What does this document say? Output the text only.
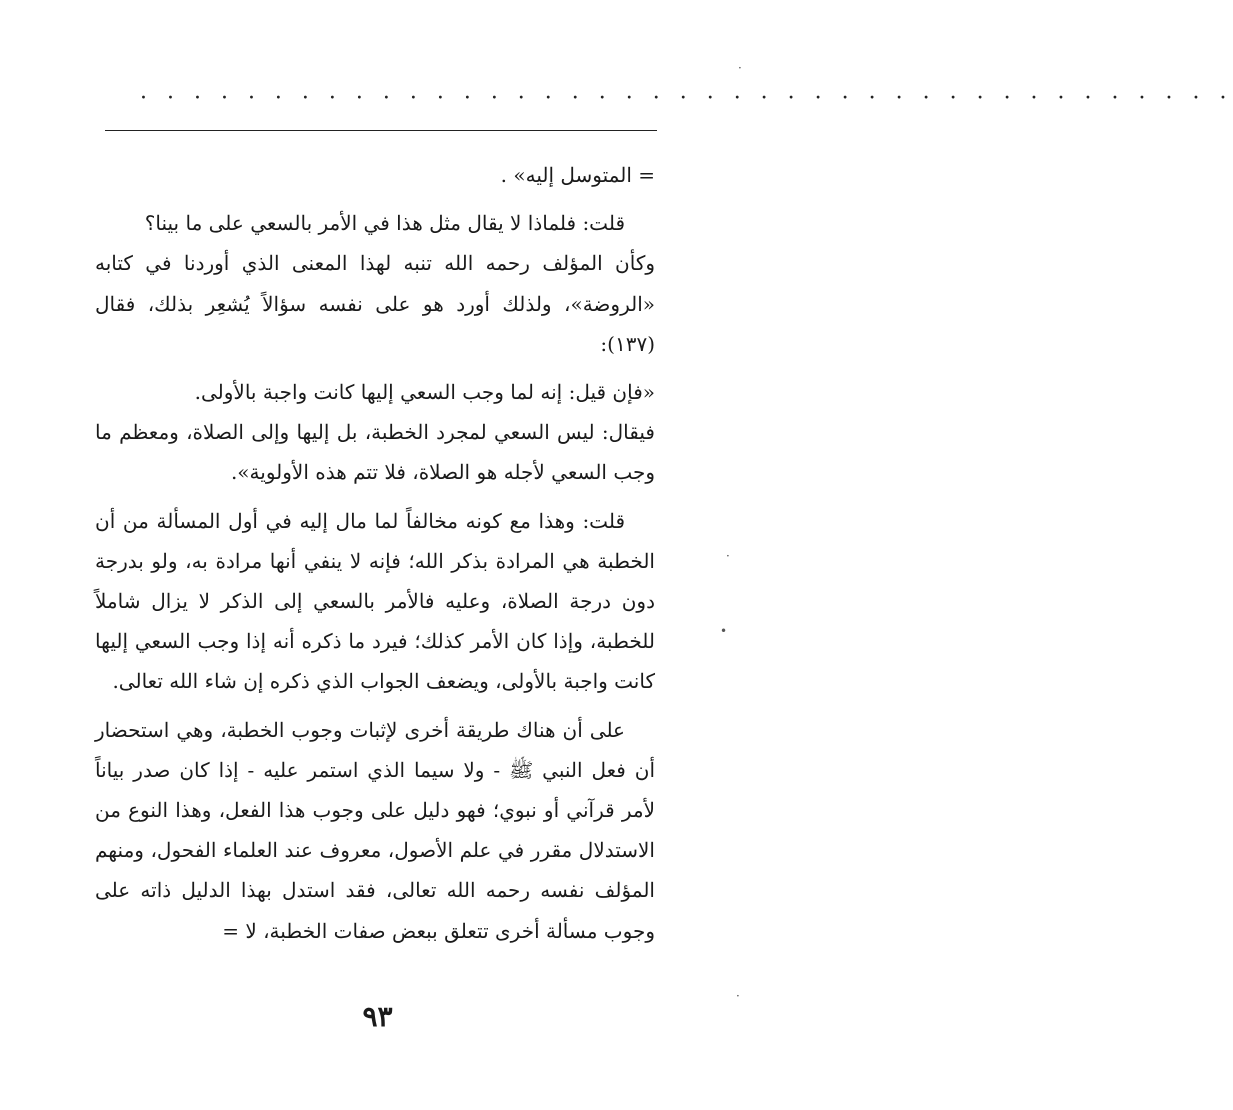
·
·
•
·
· · · · · · · · · · · · · · · · · · · · · · · · · · · · · · · · · · · · · · · · ·

= المتوسل إليه» .

قلت: فلماذا لا يقال مثل هذا في الأمر بالسعي على ما بينا؟

وكأن المؤلف رحمه الله تنبه لهذا المعنى الذي أوردنا في كتابه «الروضة»، ولذلك أورد هو على نفسه سؤالاً يُشعِر بذلك، فقال (١٣٧):

«فإن قيل: إنه لما وجب السعي إليها كانت واجبة بالأولى.

فيقال: ليس السعي لمجرد الخطبة، بل إليها وإلى الصلاة، ومعظم ما وجب السعي لأجله هو الصلاة، فلا تتم هذه الأولوية».

قلت: وهذا مع كونه مخالفاً لما مال إليه في أول المسألة من أن الخطبة هي المرادة بذكر الله؛ فإنه لا ينفي أنها مرادة به، ولو بدرجة دون درجة الصلاة، وعليه فالأمر بالسعي إلى الذكر لا يزال شاملاً للخطبة، وإذا كان الأمر كذلك؛ فيرد ما ذكره أنه إذا وجب السعي إليها كانت واجبة بالأولى، ويضعف الجواب الذي ذكره إن شاء الله تعالى.

على أن هناك طريقة أخرى لإثبات وجوب الخطبة، وهي استحضار أن فعل النبي ﷺ - ولا سيما الذي استمر عليه - إذا كان صدر بياناً لأمر قرآني أو نبوي؛ فهو دليل على وجوب هذا الفعل، وهذا النوع من الاستدلال مقرر في علم الأصول، معروف عند العلماء الفحول، ومنهم المؤلف نفسه رحمه الله تعالى، فقد استدل بهذا الدليل ذاته على وجوب مسألة أخرى تتعلق ببعض صفات الخطبة، لا =

٩٣
